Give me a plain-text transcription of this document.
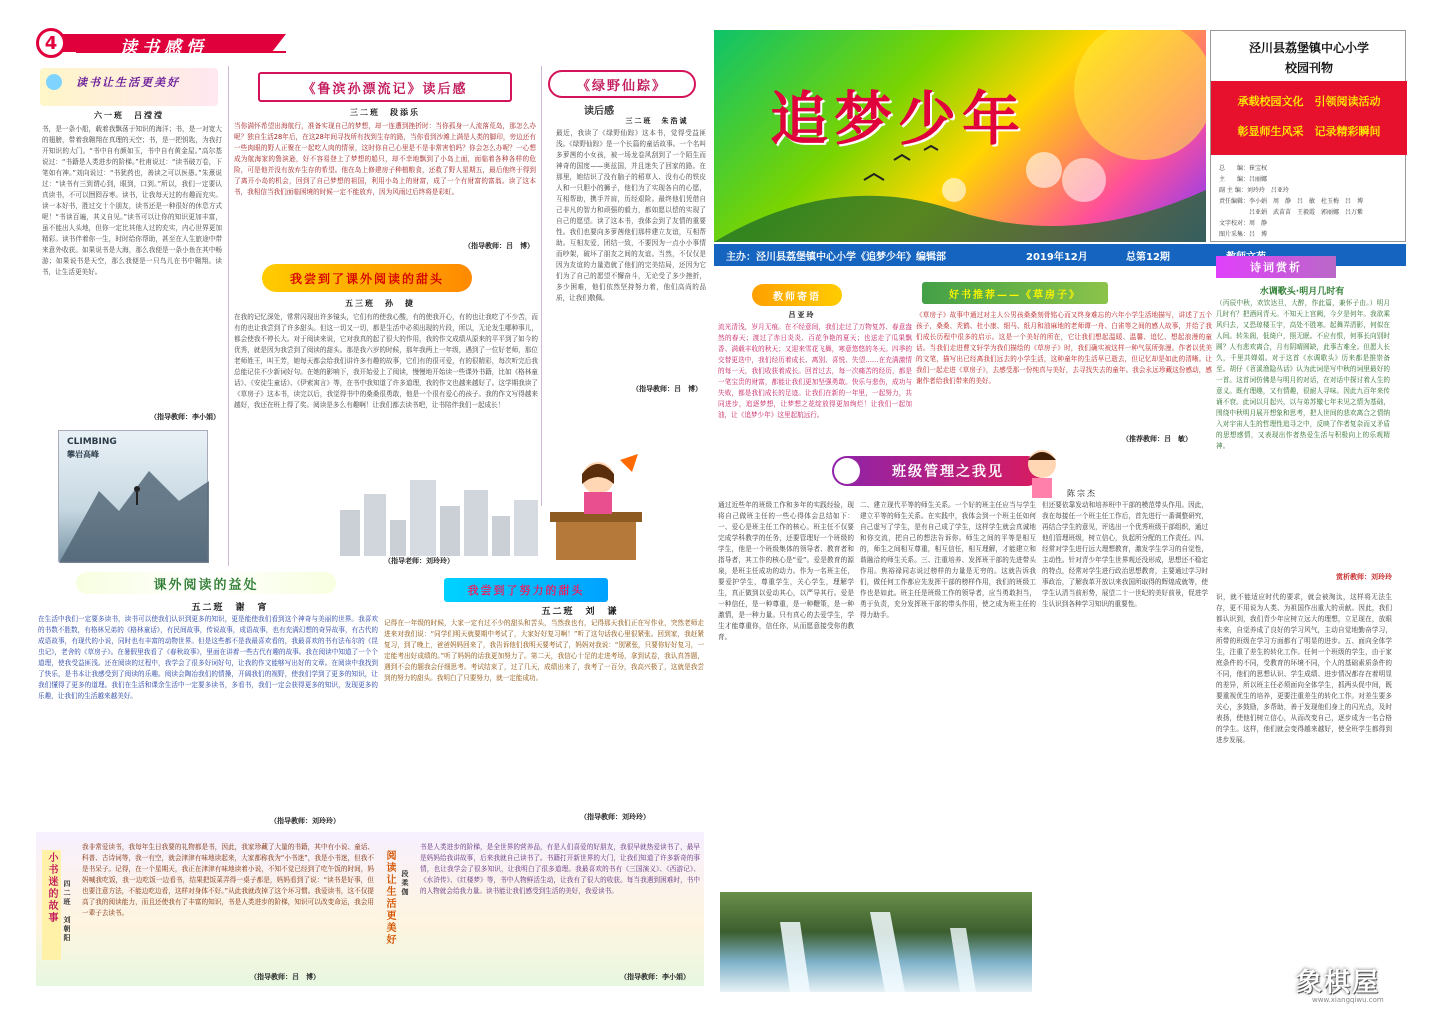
4	读书感悟
读书让生活更美好
六一班　吕滢滢
书，是一条小船，载着我飘荡于知识的海洋；书，是一对宽大的翅膀，带着我翱翔在真理的天空；书，是一把钥匙，为我打开知识的大门。“书中自有颜如玉，书中自有黄金屋。”高尔基说过：“书籍是人类进步的阶梯。”杜甫说过：“读书破万卷，下笔如有神。”刘向说过：“书犹药也，善读之可以医愚。”朱熹说过：“读书有三到谓心到，眼到，口到。”所以，我们一定要认真读书，不可以囫囵吞枣。读书，让我每天过的有趣而充实。读一本好书，胜过交十个朋友，读书还是一种很好的休息方式呢！“书读百遍，其义自见。”读书可以让你的知识更加丰富，虽不能出人头地，但你一定比其他人过的充实，内心世界更加精彩。读书伴着你一生，时时给你帮助，甚至在人生旅途中带来意外收获。如果说书是大海，那么我便是一条小鱼在其中畅游；如果说书是天空，那么我便是一只鸟儿在书中翱翔。读书，让生活更美好。
（指导教师：李小娟）
CLIMBING
攀岩高峰
《鲁滨孙漂流记》读后感
三二班　段添乐
当你满怀希望出海航行，准备实现自己的梦想，却一连遭到挫折时：当你孤身一人流落荒岛，那怎么办呢？独自生活28年后，在这28年间寻找所有找到生存的路，当你看到沙滩上满是人类的脚印，旁边还有一些肉眼的野人正聚在一起吃人肉的情景，这时你自己心里是不是非常害怕吗？你会怎么办呢？一心想成为航海家的鲁滨逊，好不容易登上了梦想的船只，却不幸地飘到了小岛上面，面临着各种各样的危险，可是他并没有放弃生存的希望。他在岛上修建房子种植粮食，还救了野人星期五，最后他终于得到了离开小岛的机会，回到了自己梦想的祖国，利用小岛上的财富，成了一个有财富的富翁。读了这本书，我相信当我们面临困境的时候一定不能放弃，因为风雨过后终将是彩虹。
（指导教师：吕　博）
我尝到了课外阅读的甜头
五三班　孙　捷
在我的记忆深处，常常闪现出许多镜头，它们有的使我心酸，有的使我开心，有的也让我吃了不少苦，而有的也让我尝到了许多甜头。但这一切又一切，都是生活中必须出现的片段，所以，无论发生哪种事儿，都会使我不停长大。对于阅读来说，它对我真的起了很大的作用，我的作文成绩从原来的平平到了如今的优秀，就是因为我尝到了阅读的甜头。那是我六岁的时候，那年我两上一年级，遇到了一位好老师，那位老师姓王，叫王芳，她每天都会给我们讲许多有趣的故事，它们有的很可爱，有的很精彩，每次听完后我总能记住不少新词好句。在她的影响下，我开始爱上了阅读，慢慢地开始读一些课外书籍，比如《格林童话》、《安徒生童话》、《伊索寓言》等，在书中我知道了许多道理，我的作文也越来越好了。这学期我读了《草房子》这本书，读完以后，我觉得书中的桑桑很勇敢，他是一个很有爱心的孩子。我的作文写得越来越好，我还在班上得了奖。阅读是多么有趣啊！让我们都去读书吧，让书陪伴我们一起成长！
（指导老师：刘玲玲）
《绿野仙踪》
读后感
三二班　朱浩诚
最近，我读了《绿野仙踪》这本书，觉得受益匪浅。《绿野仙踪》是一个长篇的童话故事。一个名叫多萝茜的小女孩，被一场龙卷风刮到了一个陌生而神奇的国度——奥兹国，并且迷失了回家的路。在那里，她结识了没有脑子的稻草人、没有心的铁皮人和一只胆小的狮子，他们为了实现各自的心愿，互相帮助，携手并肩，历经艰险。最终他们凭借自己非凡的智力和顽强的毅力，都如愿以偿的实现了自己的愿望。读了这本书，我体会到了友情的重要性。我们也要向多萝茜他们那样建立友谊，互相帮助。互相友爱，团结一致，不要因为一点小小事情而吵架，破坏了朋友之间的友谊。当然，不仅仅是因为友谊的力量造就了他们的完美结局，还因为它们为了自己的愿望不懈奋斗，无论受了多少挫折，多少困难，他们依然坚持努力着，他们高尚的品质，让我们敬佩。
（指导教师：吕　博）
课外阅读的益处
五二班　谢　宵
在生活中我们一定要多读书，读书可以使我们认识到更多的知识，更是能使我们看到这个神奇与美丽的世界。我喜欢的书数不胜数，有格林兄弟的《格林童话》，有民间故事，传说故事，成语故事，也有充满幻想的奇异故事，有古代的成语故事，有现代的小说，同时也有丰富的动物世界。但是这些都不是我最喜欢看的，我最喜欢的书有法布尔的《昆虫记》，老舍的《草房子》。在暑假里我看了《春秋故事》，里面在讲着一些古代有趣的故事。我在阅读中知道了一个个道理，使我受益匪浅。还在阅读的过程中，我学会了很多好词好句，让我的作文能够写出好的文章。在阅读中我找到了快乐，是书本让我感受到了阅读的乐趣。阅读会陶冶我们的情操，开阔我们的视野，使我们学到了更多的知识，让我们懂得了更多的道理。我们在生活和课余生活中一定要多读书，多看书，我们一定会获得更多的知识，发现更多的乐趣，让我们的生活越来越美好。
（指导教师：刘玲玲）
我尝到了努力的甜头
五二班　刘　谦
记得在一年级的时候，大家一定有过不少的甜头和苦头，当然我也有，记得那天我们正在写作业，突然老师走进来对我们说：“同学们明天就要期中考试了，大家好好复习啊！”听了这句话我心里很紧张。回到家，我赶紧复习，到了晚上，爸爸妈妈回来了，我告诉他们我明天要考试了，妈妈对我说：“别紧张，只要你好好复习，一定能考出好成绩的。”听了妈妈的话我更加努力了。第二天，我信心十足的走进考场，拿到试卷，我认真答题，遇到不会的题我会仔细思考。考试结束了，过了几天，成绩出来了，我考了一百分，我高兴极了，这就是我尝到的努力的甜头。我明白了只要努力，就一定能成功。
（指导教师：刘玲玲）
小书迷的故事 四二班　刘朝阳
我非常爱读书，我每年生日我要的礼物都是书，因此，我家珍藏了大量的书籍，其中有小说、童话、科普、古诗词等，我一有空，就会津津有味地读起来，大家都称我为“小书迷”，我是小书迷，但我不是书呆子。记得，在一个星期天，我正在津津有味地读着小说，不知不觉已经到了吃午饭的时间，妈妈喊我吃饭，我一边吃饭一边看书，结果把饭菜弄得一桌子都是，妈妈看到了说：“读书是好事，但也要注意方法，不能边吃边看，这样对身体不好。”从此我就改掉了这个坏习惯。我爱读书，这不仅提高了我的阅读能力，而且还使我有了丰富的知识，书是人类进步的阶梯，知识可以改变命运，我会用一辈子去读书。
（指导教师：吕　博）
阅读让生活更美好 段柔伽
书是人类进步的阶梯，是全世界的营养品，有是人们喜爱的好朋友，我很早就热爱读书了，最早是妈妈给我讲故事，后来我就自己读书了。书籍打开新世界的大门，让我们知道了许多新奇的事情，也让我学会了很多知识，让我明白了很多道理。我最喜欢的书有《三国演义》、《西游记》、《水浒传》、《红楼梦》等，书中人物鲜活生动，让我有了很大的收获。每当我遇到困难时，书中的人物就会给我力量。读书能让我们感受到生活的美好，我爱读书。
（指导教师：李小娟）
追梦少年
泾川县荔堡镇中心小学
校园刊物
承载校园文化　引领阅读活动
彰显师生风采　记录精彩瞬间
总　　编：崔宝权
主　　编：吕丽娜
副 主 编：刘玲玲　吕亚玲
责任编辑：李小娟　周　静　吕　敏　杜玉梅　吕　博
　　　　　吕亚娟　武苗苗　王毅霞　郭丽娜　吕万紫
文字校对：周　静
图片采集：吕　博
主办：泾川县荔堡镇中心小学《追梦少年》编辑部	2019年12月	总第12期
教师寄语
吕亚玲
流光清浅，岁月无痕。在不经意间，我们走过了万物复苏、春意盎然的春天；渡过了赤日炎炎、百花争艳的夏天；也送走了瓜果飘香、满载丰收的秋天；又迎来雪花飞舞，寒意悠悠的冬天。四季的交替更迭中，我们经历着成长、离别、喜悦、失望……在充满激情的每一天，我们收获着成长。回首过去，每一次痛苦的经历，都是一笔宝贵的财富，都能让我们更加坚强勇敢。快乐与悲伤，成功与失败，都是我们成长的足迹。让我们在新的一年里，一起努力，共同进步，追逐梦想，让梦想之花绽放得更加绚烂！让我们一起加油，让《追梦少年》这里起航远行。
好书推荐——《草房子》
《草房子》故事中通过对主人公男孩桑桑刻骨铭心而又终身难忘的六年小学生活地描写，讲述了五个孩子，桑桑、秃鹤、杜小康、细马、纸月和油麻地的老师谭一舟、白雀等之间的感人故事，并给了我们成长历程中很多的启示。这是一个美好的所在，它让我们想起温暖、温馨、追忆、想起浪漫的童话。当我们走进曹文轩学为我们描绘的《草房子》时，我们确实被这样一种气氛所弥漫。作者以优美的文笔，描写出已经离我们远去的小学生活，这种童年的生活早已逝去，但记忆却是如此的清晰。让我们一起走进《草房子》，去感受那一份纯真与美好，去寻找失去的童年。我会永远珍藏这份感动，感谢作者给我们带来的美好。
（推荐教师：吕　敏）
诗词赏析
水调歌头·明月几时有
（丙辰中秋，欢饮达旦，大醉，作此篇，兼怀子由。）明月几时有？把酒问青天。不知天上宫阙，今夕是何年。我欲乘风归去，又恐琼楼玉宇，高处不胜寒。起舞弄清影，何似在人间。转朱阁，低绮户，照无眠。不应有恨，何事长向别时圆？人有悲欢离合，月有阴晴圆缺，此事古难全。但愿人长久，千里共婵娟。对于这首《水调歌头》历来都是推崇备至。胡仔《苕溪渔隐丛话》认为此词是写中秋的词里最好的一首。这首词仿佛是与明月的对话，在对话中探讨着人生的意义。既有理趣，又有情趣，很耐人寻味。因此九百年来传诵不衰。此词以月起兴，以与弟苏辙七年未见之情为基础，围绕中秋明月展开想象和思考，把人世间的悲欢离合之情纳入对宇宙人生的哲理性追寻之中，反映了作者复杂而又矛盾的思想感情，又表现出作者热爱生活与积极向上的乐观精神。
赏析教师：刘玲玲
班级管理之我见
陈宗杰
通过近些年的班级工作和多年的实践经验，现将自己做班主任的一些心得体会总结如下：一、爱心是班主任工作的核心。班主任不仅要完成学科教学的任务，还要管理好一个班级的学生，他是一个班级集体的领导者、教育者和指导者，其工作的核心是“爱”。爱是教育的源泉，是班主任成功的动力。作为一名班主任，要爱护学生，尊重学生，关心学生，理解学生，真正做到以爱动其心，以严导其行。爱是一种信任，是一种尊重，是一种鞭策，是一种激情，是一种力量。只有真心的去爱学生，学生才能尊重你，信任你，从而愿意接受你的教育。
二、建立现代平等的师生关系。一个好的班主任应当与学生建立平等的师生关系。在实践中，我体会到一个班主任如何自己虚写了学生，是有自己成了学生，这样学生就会真诚地和你交流，把自己的想法告诉你。师生之间的平等是相互的，师生之间相互尊重，相互信任，相互理解，才能建立和谐融洽的师生关系。三、注重培养、发挥班干部的先进带头作用。焦裕禄同志说过榜样的力量是无穷的。这就告诉我们，做任何工作都应先发挥干部的榜样作用，我们的班级工作也是如此。班主任是班级工作的领导者，应当勇敢担当，勇于负责，充分发挥班干部的带头作用，使之成为班主任的得力助手。
但还要依靠发动和培养班中干部的模范带头作用。因此，我在每接任一个班主任工作后，首先进行一番调整研究，再结合学生的意见，评选出一个优秀班级干部组织，通过他们管理班级，树立信心，负起所分配的工作责任。四、经常对学生进行远大理想教育，激发学生学习的自觉性，主动性。针对青少年学生世界观还没形成，思想还不稳定的特点，经常对学生进行政治思想教育，主要通过学习时事政治，了解我革开放以来我国所取得的辉煌成就等，使学生认清当前形势，展望二十一世纪的美好前景，促进学生认识到各种学习知识的重要性。
识，就不能适应时代的要求，就会被淘汰，这样将无法生存，更不用说为人类、为祖国作出重大的贡献。因此，我们都认识到，我们青少年应树立远大的理想，立足现在，放眼未来，自觉养成了良好的学习风气，主动自觉地勤奋学习，所带的班级在学习方面都有了明显的进步。五、面向全体学生，注重了差生的转化工作。任何一个班级的学生，由于家庭条件的不同，受教育的环境不同，个人的基础素质条件的不同，他们的思想认识、学生成绩、进步情况都存在着明显的差异，所以班主任必须面向全体学生，抓两头促中间，既要重视优生的培养，更要注重差生的转化工作。对差生要多关心，多鼓励，多帮助，善于发现他们身上的闪光点，及时表扬，使他们树立信心，从而改变自己，逐步成为一名合格的学生。这样，他们就会变得越来越好，使全班学生都得到进步发展。
象棋屋
www.xiangqiwu.com
